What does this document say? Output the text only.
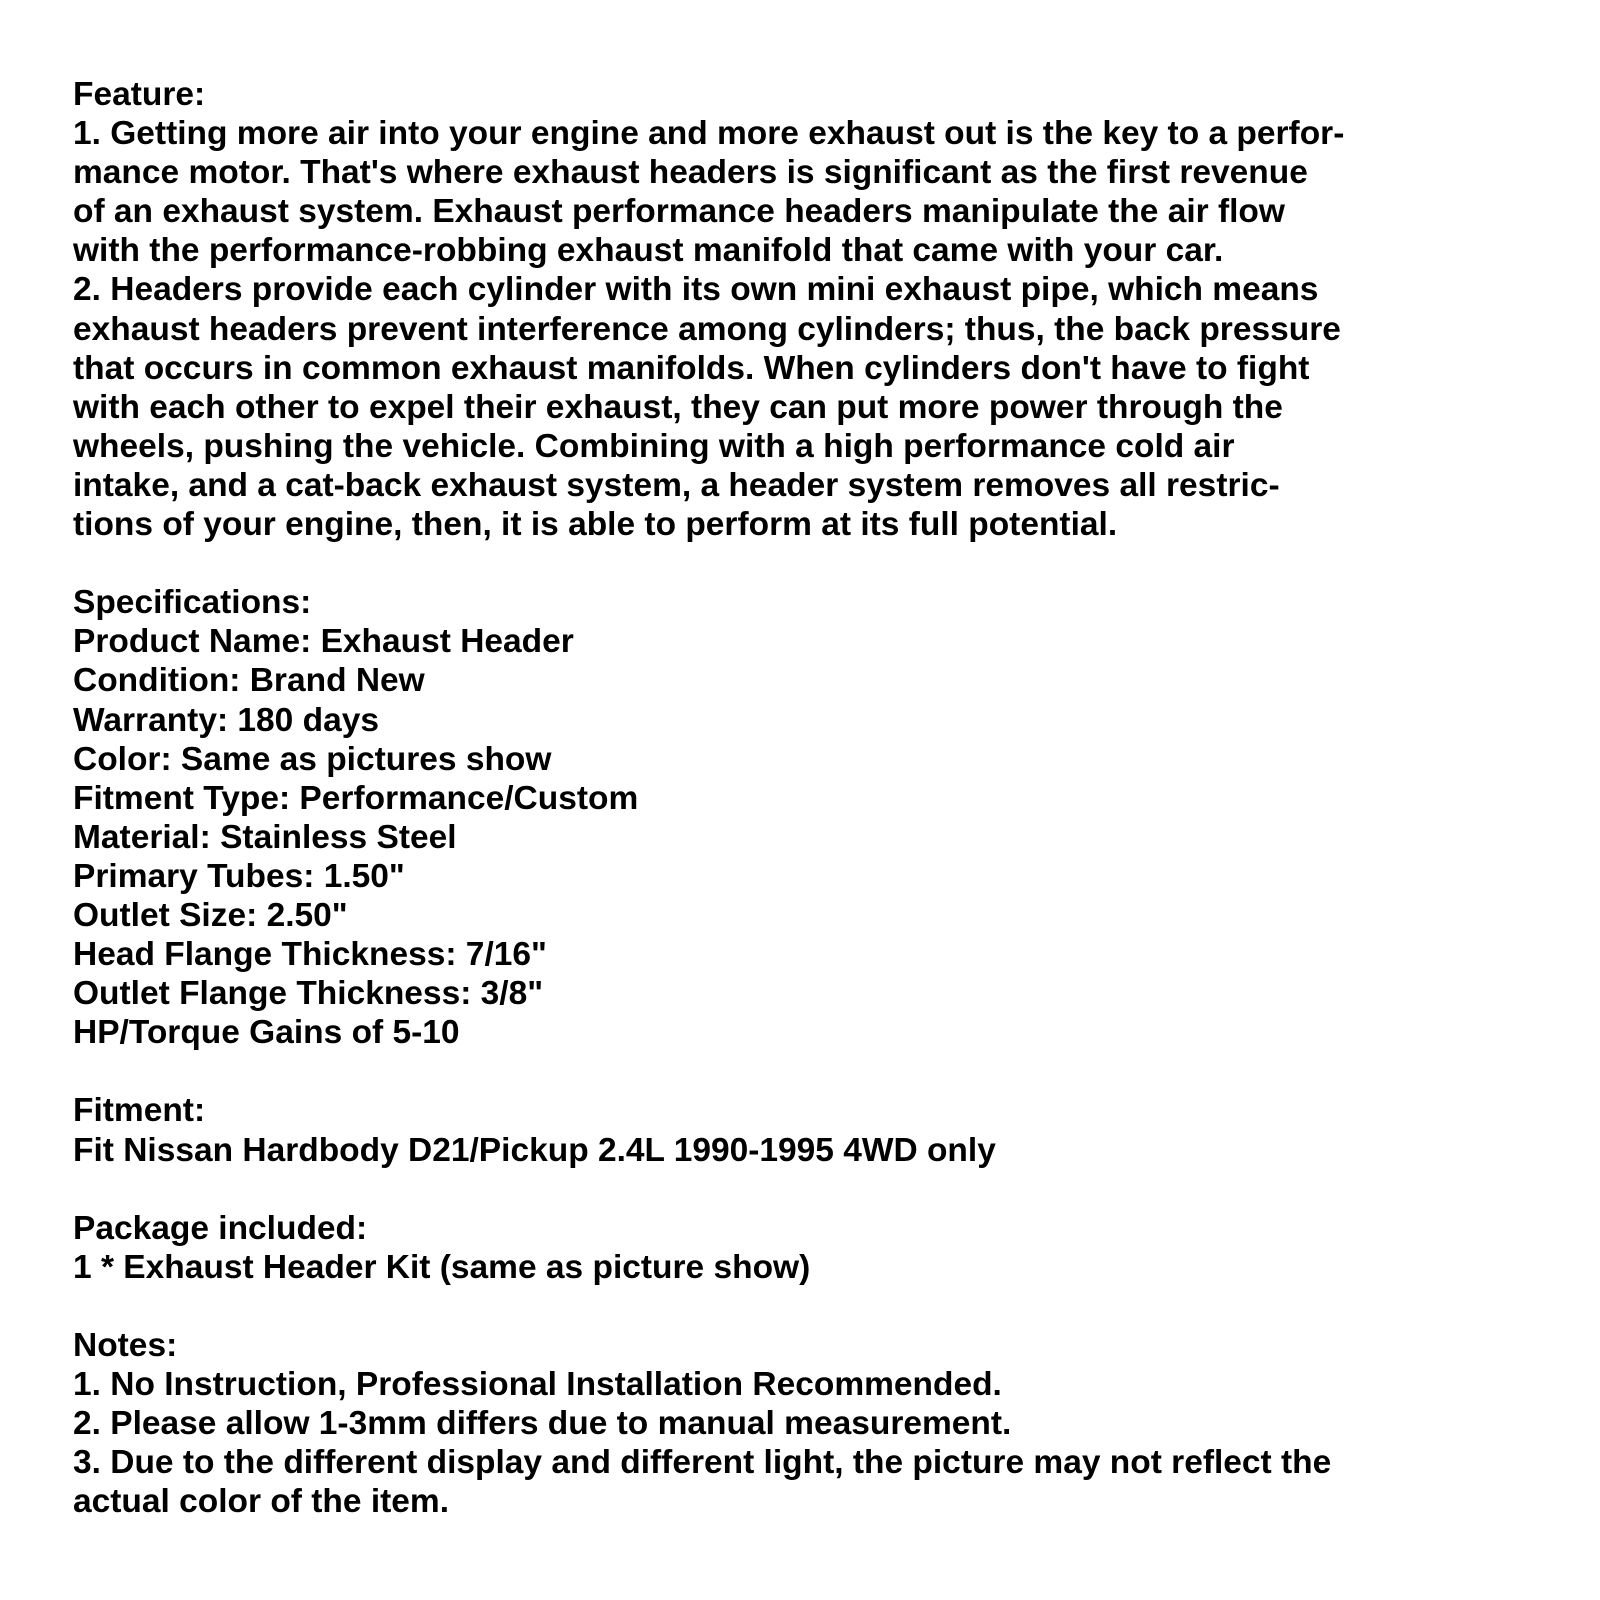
Feature:
1. Getting more air into your engine and more exhaust out is the key to a perfor-
mance motor. That's where exhaust headers is significant as the first revenue
of an exhaust system. Exhaust performance headers manipulate the air flow
with the performance-robbing exhaust manifold that came with your car.
2. Headers provide each cylinder with its own mini exhaust pipe, which means
exhaust headers prevent interference among cylinders; thus, the back pressure
that occurs in common exhaust manifolds. When cylinders don't have to fight
with each other to expel their exhaust, they can put more power through the
wheels, pushing the vehicle. Combining with a high performance cold air
intake, and a cat-back exhaust system, a header system removes all restric-
tions of your engine, then, it is able to perform at its full potential.
Specifications:
Product Name: Exhaust Header
Condition: Brand New
Warranty: 180 days
Color: Same as pictures show
Fitment Type: Performance/Custom
Material: Stainless Steel
Primary Tubes: 1.50"
Outlet Size: 2.50"
Head Flange Thickness: 7/16"
Outlet Flange Thickness: 3/8"
HP/Torque Gains of 5-10
Fitment:
Fit Nissan Hardbody D21/Pickup 2.4L 1990-1995 4WD only
Package included:
1 * Exhaust Header Kit (same as picture show)
Notes:
1. No Instruction, Professional Installation Recommended.
2. Please allow 1-3mm differs due to manual measurement.
3. Due to the different display and different light, the picture may not reflect the
actual color of the item.
